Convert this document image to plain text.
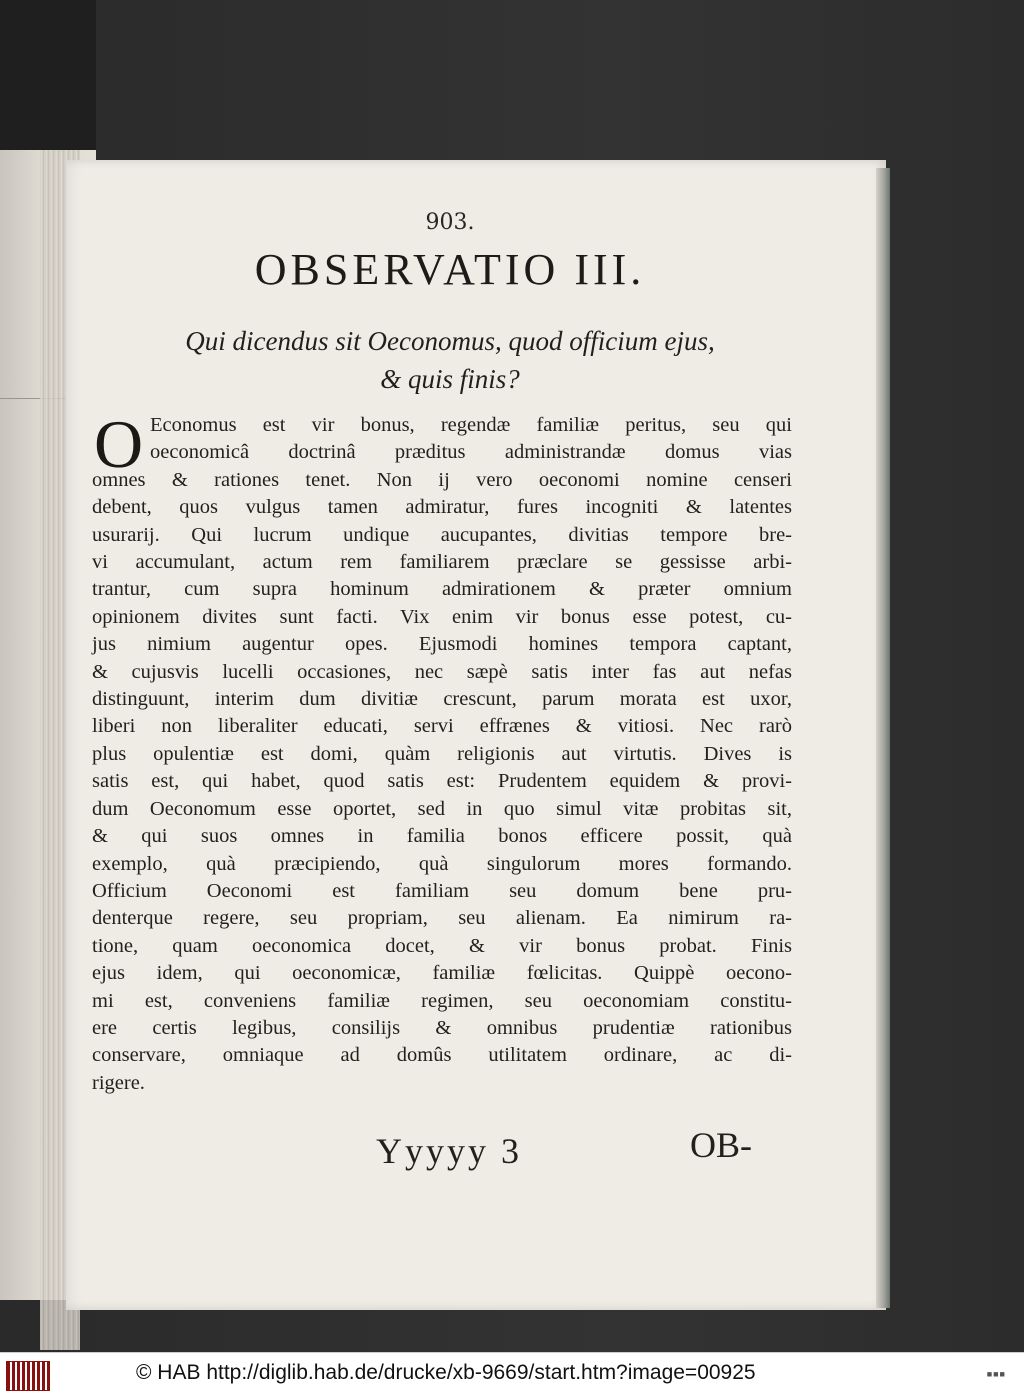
903.

OBSERVATIO III.

Qui dicendus sit Oeconomus, quod officium ejus,
& quis finis?

O Economus est vir bonus, regendæ familiæ peritus, seu qui
oeconomicâ doctrinâ præditus administrandæ domus vias
omnes & rationes tenet. Non ij vero oeconomi nomine censeri
debent, quos vulgus tamen admiratur, fures incogniti & latentes
usurarij. Qui lucrum undique aucupantes, divitias tempore bre-
vi accumulant, actum rem familiarem præclare se gessisse arbi-
trantur, cum supra hominum admirationem & præter omnium
opinionem divites sunt facti. Vix enim vir bonus esse potest, cu-
jus nimium augentur opes. Ejusmodi homines tempora captant,
& cujusvis lucelli occasiones, nec sæpè satis inter fas aut nefas
distinguunt, interim dum divitiæ crescunt, parum morata est uxor,
liberi non liberaliter educati, servi effrænes & vitiosi. Nec rarò
plus opulentiæ est domi, quàm religionis aut virtutis. Dives is
satis est, qui habet, quod satis est: Prudentem equidem & provi-
dum Oeconomum esse oportet, sed in quo simul vitæ probitas sit,
& qui suos omnes in familia bonos efficere possit, quà
exemplo, quà præcipiendo, quà singulorum mores formando.
Officium Oeconomi est familiam seu domum bene pru-
denterque regere, seu propriam, seu alienam. Ea nimirum ra-
tione, quam oeconomica docet, & vir bonus probat. Finis
ejus idem, qui oeconomicæ, familiæ fœlicitas. Quippè oecono-
mi est, conveniens familiæ regimen, seu oeconomiam constitu-
ere certis legibus, consilijs & omnibus prudentiæ rationibus
conservare, omniaque ad domûs utilitatem ordinare, ac di-
rigere.

Yyyyy 3	OB-

© HAB http://diglib.hab.de/drucke/xb-9669/start.htm?image=00925	■■■
